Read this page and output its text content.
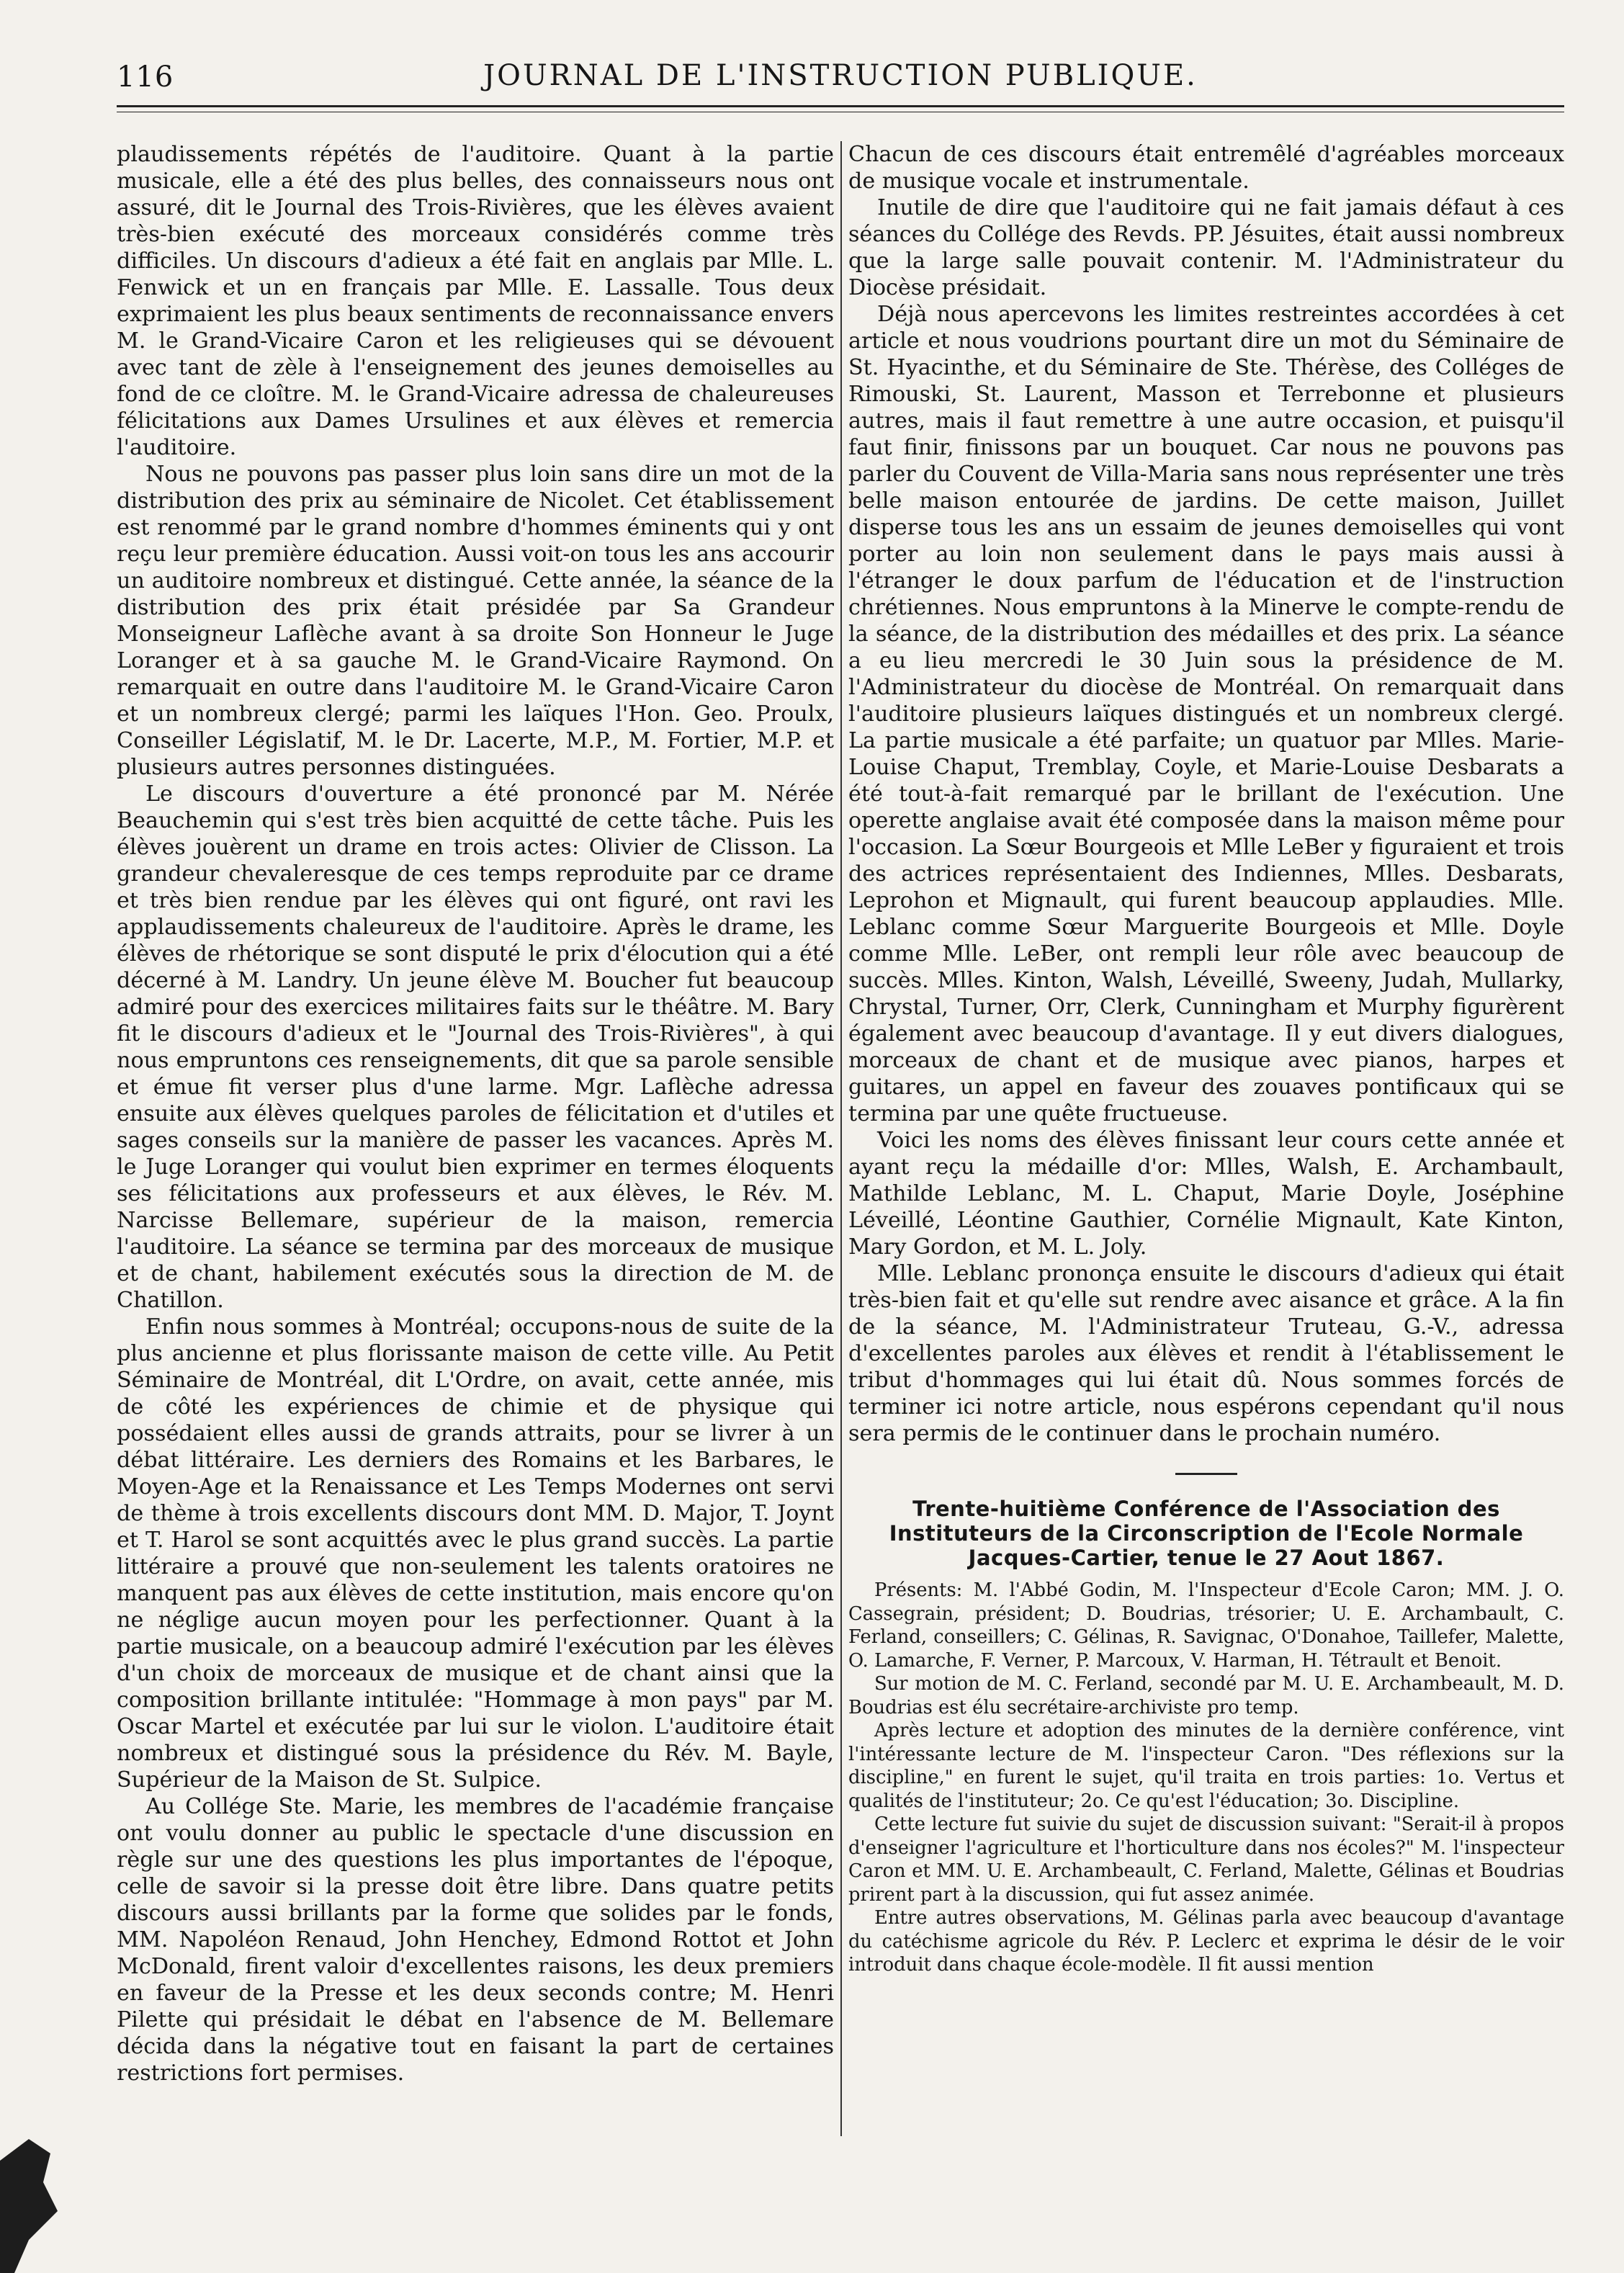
116	JOURNAL DE L'INSTRUCTION PUBLIQUE.

plaudissements répétés de l'auditoire. Quant à la partie musicale, elle a été des plus belles, des connaisseurs nous ont assuré, dit le Journal des Trois-Rivières, que les élèves avaient très-bien exécuté des morceaux considérés comme très difficiles. Un discours d'adieux a été fait en anglais par Mlle. L. Fenwick et un en français par Mlle. E. Lassalle. Tous deux exprimaient les plus beaux sentiments de reconnaissance envers M. le Grand-Vicaire Caron et les religieuses qui se dévouent avec tant de zèle à l'enseignement des jeunes demoiselles au fond de ce cloître. M. le Grand-Vicaire adressa de chaleureuses félicitations aux Dames Ursulines et aux élèves et remercia l'auditoire.

Nous ne pouvons pas passer plus loin sans dire un mot de la distribution des prix au séminaire de Nicolet. Cet établissement est renommé par le grand nombre d'hommes éminents qui y ont reçu leur première éducation. Aussi voit-on tous les ans accourir un auditoire nombreux et distingué. Cette année, la séance de la distribution des prix était présidée par Sa Grandeur Monseigneur Laflèche avant à sa droite Son Honneur le Juge Loranger et à sa gauche M. le Grand-Vicaire Raymond. On remarquait en outre dans l'auditoire M. le Grand-Vicaire Caron et un nombreux clergé; parmi les laïques l'Hon. Geo. Proulx, Conseiller Législatif, M. le Dr. Lacerte, M.P., M. Fortier, M.P. et plusieurs autres personnes distinguées.

Le discours d'ouverture a été prononcé par M. Nérée Beauchemin qui s'est très bien acquitté de cette tâche. Puis les élèves jouèrent un drame en trois actes: Olivier de Clisson. La grandeur chevaleresque de ces temps reproduite par ce drame et très bien rendue par les élèves qui ont figuré, ont ravi les applaudissements chaleureux de l'auditoire. Après le drame, les élèves de rhétorique se sont disputé le prix d'élocution qui a été décerné à M. Landry. Un jeune élève M. Boucher fut beaucoup admiré pour des exercices militaires faits sur le théâtre. M. Bary fit le discours d'adieux et le "Journal des Trois-Rivières", à qui nous empruntons ces renseignements, dit que sa parole sensible et émue fit verser plus d'une larme. Mgr. Laflèche adressa ensuite aux élèves quelques paroles de félicitation et d'utiles et sages conseils sur la manière de passer les vacances. Après M. le Juge Loranger qui voulut bien exprimer en termes éloquents ses félicitations aux professeurs et aux élèves, le Rév. M. Narcisse Bellemare, supérieur de la maison, remercia l'auditoire. La séance se termina par des morceaux de musique et de chant, habilement exécutés sous la direction de M. de Chatillon.

Enfin nous sommes à Montréal; occupons-nous de suite de la plus ancienne et plus florissante maison de cette ville. Au Petit Séminaire de Montréal, dit L'Ordre, on avait, cette année, mis de côté les expériences de chimie et de physique qui possédaient elles aussi de grands attraits, pour se livrer à un débat littéraire. Les derniers des Romains et les Barbares, le Moyen-Age et la Renaissance et Les Temps Modernes ont servi de thème à trois excellents discours dont MM. D. Major, T. Joynt et T. Harol se sont acquittés avec le plus grand succès. La partie littéraire a prouvé que non-seulement les talents oratoires ne manquent pas aux élèves de cette institution, mais encore qu'on ne néglige aucun moyen pour les perfectionner. Quant à la partie musicale, on a beaucoup admiré l'exécution par les élèves d'un choix de morceaux de musique et de chant ainsi que la composition brillante intitulée: "Hommage à mon pays" par M. Oscar Martel et exécutée par lui sur le violon. L'auditoire était nombreux et distingué sous la présidence du Rév. M. Bayle, Supérieur de la Maison de St. Sulpice.

Au Collége Ste. Marie, les membres de l'académie française ont voulu donner au public le spectacle d'une discussion en règle sur une des questions les plus importantes de l'époque, celle de savoir si la presse doit être libre. Dans quatre petits discours aussi brillants par la forme que solides par le fonds, MM. Napoléon Renaud, John Henchey, Edmond Rottot et John McDonald, firent valoir d'excellentes raisons, les deux premiers en faveur de la Presse et les deux seconds contre; M. Henri Pilette qui présidait le débat en l'absence de M. Bellemare décida dans la négative tout en faisant la part de certaines restrictions fort permises.

Chacun de ces discours était entremêlé d'agréables morceaux de musique vocale et instrumentale.

Inutile de dire que l'auditoire qui ne fait jamais défaut à ces séances du Collége des Revds. PP. Jésuites, était aussi nombreux que la large salle pouvait contenir. M. l'Administrateur du Diocèse présidait.

Déjà nous apercevons les limites restreintes accordées à cet article et nous voudrions pourtant dire un mot du Séminaire de St. Hyacinthe, et du Séminaire de Ste. Thérèse, des Colléges de Rimouski, St. Laurent, Masson et Terrebonne et plusieurs autres, mais il faut remettre à une autre occasion, et puisqu'il faut finir, finissons par un bouquet. Car nous ne pouvons pas parler du Couvent de Villa-Maria sans nous représenter une très belle maison entourée de jardins. De cette maison, Juillet disperse tous les ans un essaim de jeunes demoiselles qui vont porter au loin non seulement dans le pays mais aussi à l'étranger le doux parfum de l'éducation et de l'instruction chrétiennes. Nous empruntons à la Minerve le compte-rendu de la séance, de la distribution des médailles et des prix. La séance a eu lieu mercredi le 30 Juin sous la présidence de M. l'Administrateur du diocèse de Montréal. On remarquait dans l'auditoire plusieurs laïques distingués et un nombreux clergé. La partie musicale a été parfaite; un quatuor par Mlles. Marie-Louise Chaput, Tremblay, Coyle, et Marie-Louise Desbarats a été tout-à-fait remarqué par le brillant de l'exécution. Une operette anglaise avait été composée dans la maison même pour l'occasion. La Sœur Bourgeois et Mlle LeBer y figuraient et trois des actrices représentaient des Indiennes, Mlles. Desbarats, Leprohon et Mignault, qui furent beaucoup applaudies. Mlle. Leblanc comme Sœur Marguerite Bourgeois et Mlle. Doyle comme Mlle. LeBer, ont rempli leur rôle avec beaucoup de succès. Mlles. Kinton, Walsh, Léveillé, Sweeny, Judah, Mullarky, Chrystal, Turner, Orr, Clerk, Cunningham et Murphy figurèrent également avec beaucoup d'avantage. Il y eut divers dialogues, morceaux de chant et de musique avec pianos, harpes et guitares, un appel en faveur des zouaves pontificaux qui se termina par une quête fructueuse.

Voici les noms des élèves finissant leur cours cette année et ayant reçu la médaille d'or: Mlles, Walsh, E. Archambault, Mathilde Leblanc, M. L. Chaput, Marie Doyle, Joséphine Léveillé, Léontine Gauthier, Cornélie Mignault, Kate Kinton, Mary Gordon, et M. L. Joly.

Mlle. Leblanc prononça ensuite le discours d'adieux qui était très-bien fait et qu'elle sut rendre avec aisance et grâce. A la fin de la séance, M. l'Administrateur Truteau, G.-V., adressa d'excellentes paroles aux élèves et rendit à l'établissement le tribut d'hommages qui lui était dû. Nous sommes forcés de terminer ici notre article, nous espérons cependant qu'il nous sera permis de le continuer dans le prochain numéro.

Trente-huitième Conférence de l'Association des Instituteurs de la Circonscription de l'Ecole Normale Jacques-Cartier, tenue le 27 Aout 1867.

Présents: M. l'Abbé Godin, M. l'Inspecteur d'Ecole Caron; MM. J. O. Cassegrain, président; D. Boudrias, trésorier; U. E. Archambault, C. Ferland, conseillers; C. Gélinas, R. Savignac, O'Donahoe, Taillefer, Malette, O. Lamarche, F. Verner, P. Marcoux, V. Harman, H. Tétrault et Benoit.

Sur motion de M. C. Ferland, secondé par M. U. E. Archambeault, M. D. Boudrias est élu secrétaire-archiviste pro temp.

Après lecture et adoption des minutes de la dernière conférence, vint l'intéressante lecture de M. l'inspecteur Caron. "Des réflexions sur la discipline," en furent le sujet, qu'il traita en trois parties: 1o. Vertus et qualités de l'instituteur; 2o. Ce qu'est l'éducation; 3o. Discipline.

Cette lecture fut suivie du sujet de discussion suivant: "Serait-il à propos d'enseigner l'agriculture et l'horticulture dans nos écoles?" M. l'inspecteur Caron et MM. U. E. Archambeault, C. Ferland, Malette, Gélinas et Boudrias prirent part à la discussion, qui fut assez animée.

Entre autres observations, M. Gélinas parla avec beaucoup d'avantage du catéchisme agricole du Rév. P. Leclerc et exprima le désir de le voir introduit dans chaque école-modèle. Il fit aussi mention
